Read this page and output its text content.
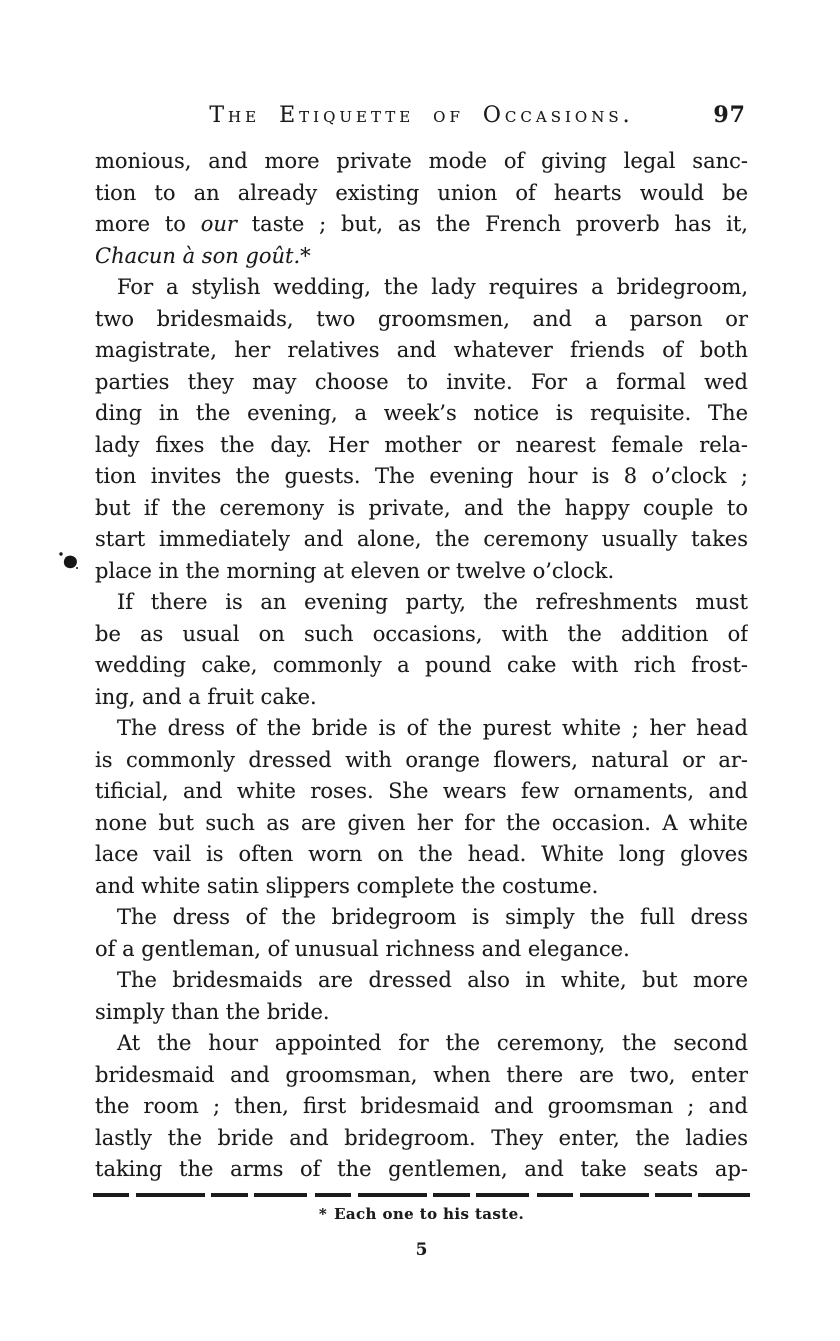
The Etiquette of Occasions.	97
monious, and more private mode of giving legal sanc-
tion to an already existing union of hearts would be
more to our taste ; but, as the French proverb has it,
Chacun à son goût.*
For a stylish wedding, the lady requires a bridegroom,
two bridesmaids, two groomsmen, and a parson or
magistrate, her relatives and whatever friends of both
parties they may choose to invite. For a formal wed
ding in the evening, a week’s notice is requisite. The
lady fixes the day. Her mother or nearest female rela-
tion invites the guests. The evening hour is 8 o’clock ;
but if the ceremony is private, and the happy couple to
start immediately and alone, the ceremony usually takes
place in the morning at eleven or twelve o’clock.
If there is an evening party, the refreshments must
be as usual on such occasions, with the addition of
wedding cake, commonly a pound cake with rich frost-
ing, and a fruit cake.
The dress of the bride is of the purest white ; her head
is commonly dressed with orange flowers, natural or ar-
tificial, and white roses. She wears few ornaments, and
none but such as are given her for the occasion. A white
lace vail is often worn on the head. White long gloves
and white satin slippers complete the costume.
The dress of the bridegroom is simply the full dress
of a gentleman, of unusual richness and elegance.
The bridesmaids are dressed also in white, but more
simply than the bride.
At the hour appointed for the ceremony, the second
bridesmaid and groomsman, when there are two, enter
the room ; then, first bridesmaid and groomsman ; and
lastly the bride and bridegroom. They enter, the ladies
taking the arms of the gentlemen, and take seats ap-
* Each one to his taste.
5
